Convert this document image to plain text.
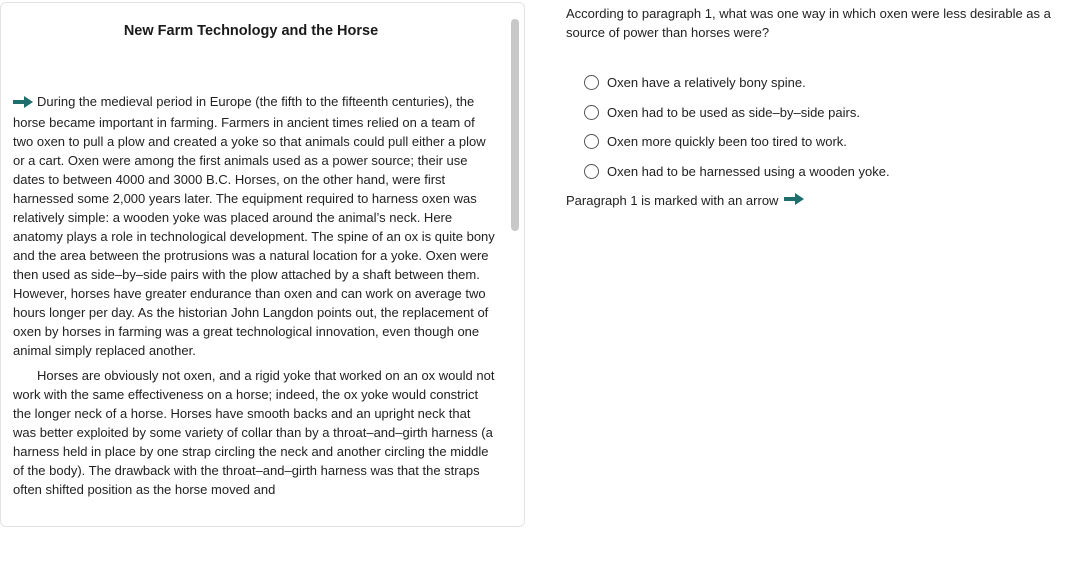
New Farm Technology and the Horse

During the medieval period in Europe (the fifth to the fifteenth centuries), the horse became important in farming. Farmers in ancient times relied on a team of two oxen to pull a plow and created a yoke so that animals could pull either a plow or a cart. Oxen were among the first animals used as a power source; their use dates to between 4000 and 3000 B.C. Horses, on the other hand, were first harnessed some 2,000 years later. The equipment required to harness oxen was relatively simple: a wooden yoke was placed around the animal’s neck. Here anatomy plays a role in technological development. The spine of an ox is quite bony and the area between the protrusions was a natural location for a yoke. Oxen were then used as side–by–side pairs with the plow attached by a shaft between them. However, horses have greater endurance than oxen and can work on average two hours longer per day. As the historian John Langdon points out, the replacement of oxen by horses in farming was a great technological innovation, even though one animal simply replaced another.

Horses are obviously not oxen, and a rigid yoke that worked on an ox would not work with the same effectiveness on a horse; indeed, the ox yoke would constrict the longer neck of a horse. Horses have smooth backs and an upright neck that was better exploited by some variety of collar than by a throat–and–girth harness (a harness held in place by one strap circling the neck and another circling the middle of the body). The drawback with the throat–and–girth harness was that the straps often shifted position as the horse moved and

According to paragraph 1, what was one way in which oxen were less desirable as a source of power than horses were?

Oxen have a relatively bony spine.
Oxen had to be used as side–by–side pairs.
Oxen more quickly been too tired to work.
Oxen had to be harnessed using a wooden yoke.
Paragraph 1 is marked with an arrow
